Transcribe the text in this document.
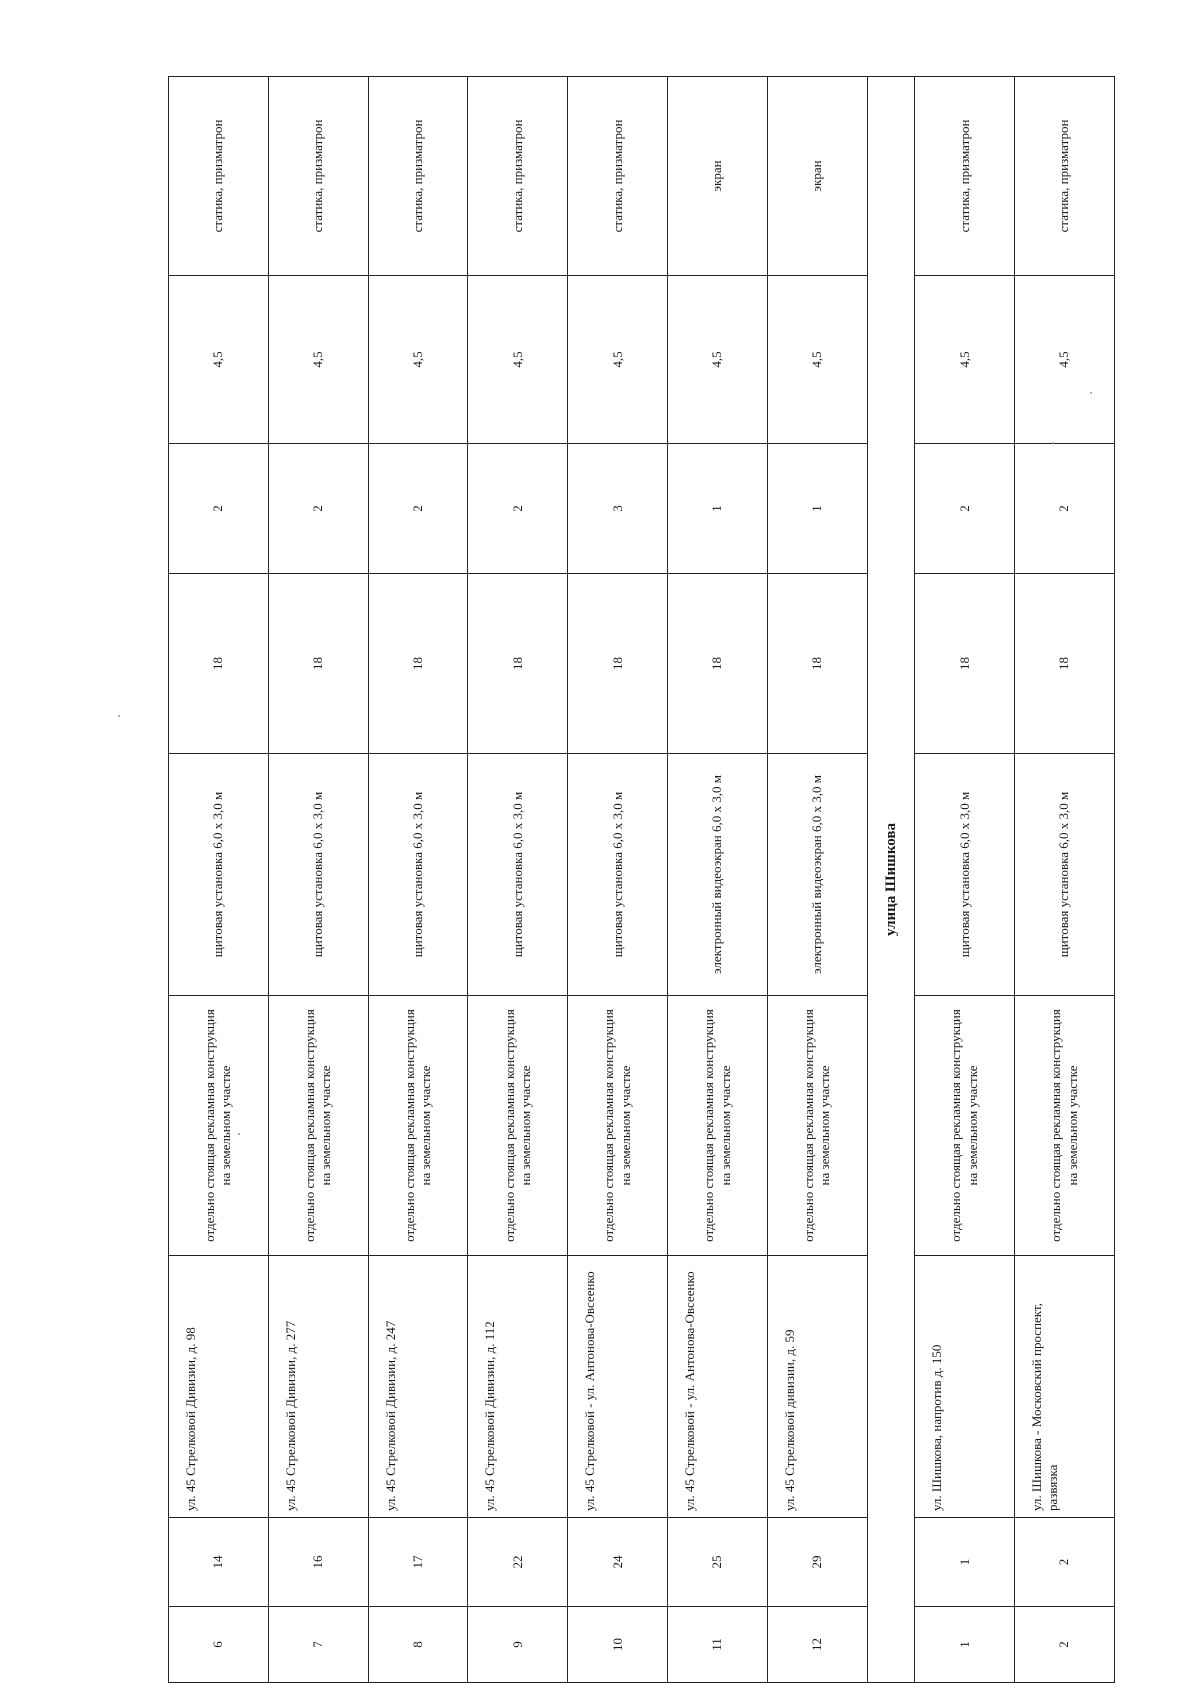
6	14	ул. 45 Стрелковой Дивизии, д. 98	отдельно стоящая рекламная конструкция на земельном участке	щитовая установка 6,0 х 3,0 м	18	2	4,5	статика, призматрон
7	16	ул. 45 Стрелковой Дивизии, д. 277	отдельно стоящая рекламная конструкция на земельном участке	щитовая установка 6,0 х 3,0 м	18	2	4,5	статика, призматрон
8	17	ул. 45 Стрелковой Дивизии, д. 247	отдельно стоящая рекламная конструкция на земельном участке	щитовая установка 6,0 х 3,0 м	18	2	4,5	статика, призматрон
9	22	ул. 45 Стрелковой Дивизии, д. 112	отдельно стоящая рекламная конструкция на земельном участке	щитовая установка 6,0 х 3,0 м	18	2	4,5	статика, призматрон
10	24	ул. 45 Стрелковой - ул. Антонова-Овсеенко	отдельно стоящая рекламная конструкция на земельном участке	щитовая установка 6,0 х 3,0 м	18	3	4,5	статика, призматрон
11	25	ул. 45 Стрелковой - ул. Антонова-Овсеенко	отдельно стоящая рекламная конструкция на земельном участке	электронный видеоэкран 6,0 х 3,0 м	18	1	4,5	экран
12	29	ул. 45 Стрелковой дивизии, д. 59	отдельно стоящая рекламная конструкция на земельном участке	электронный видеоэкран 6,0 х 3,0 м	18	1	4,5	экран
улица Шишкова								
1	1	ул. Шишкова, напротив д. 150	отдельно стоящая рекламная конструкция на земельном участке	щитовая установка 6,0 х 3,0 м	18	2	4,5	статика, призматрон
2	2	ул. Шишкова - Московский проспект, развязка	отдельно стоящая рекламная конструкция на земельном участке	щитовая установка 6,0 х 3,0 м	18	2	4,5	статика, призматрон
